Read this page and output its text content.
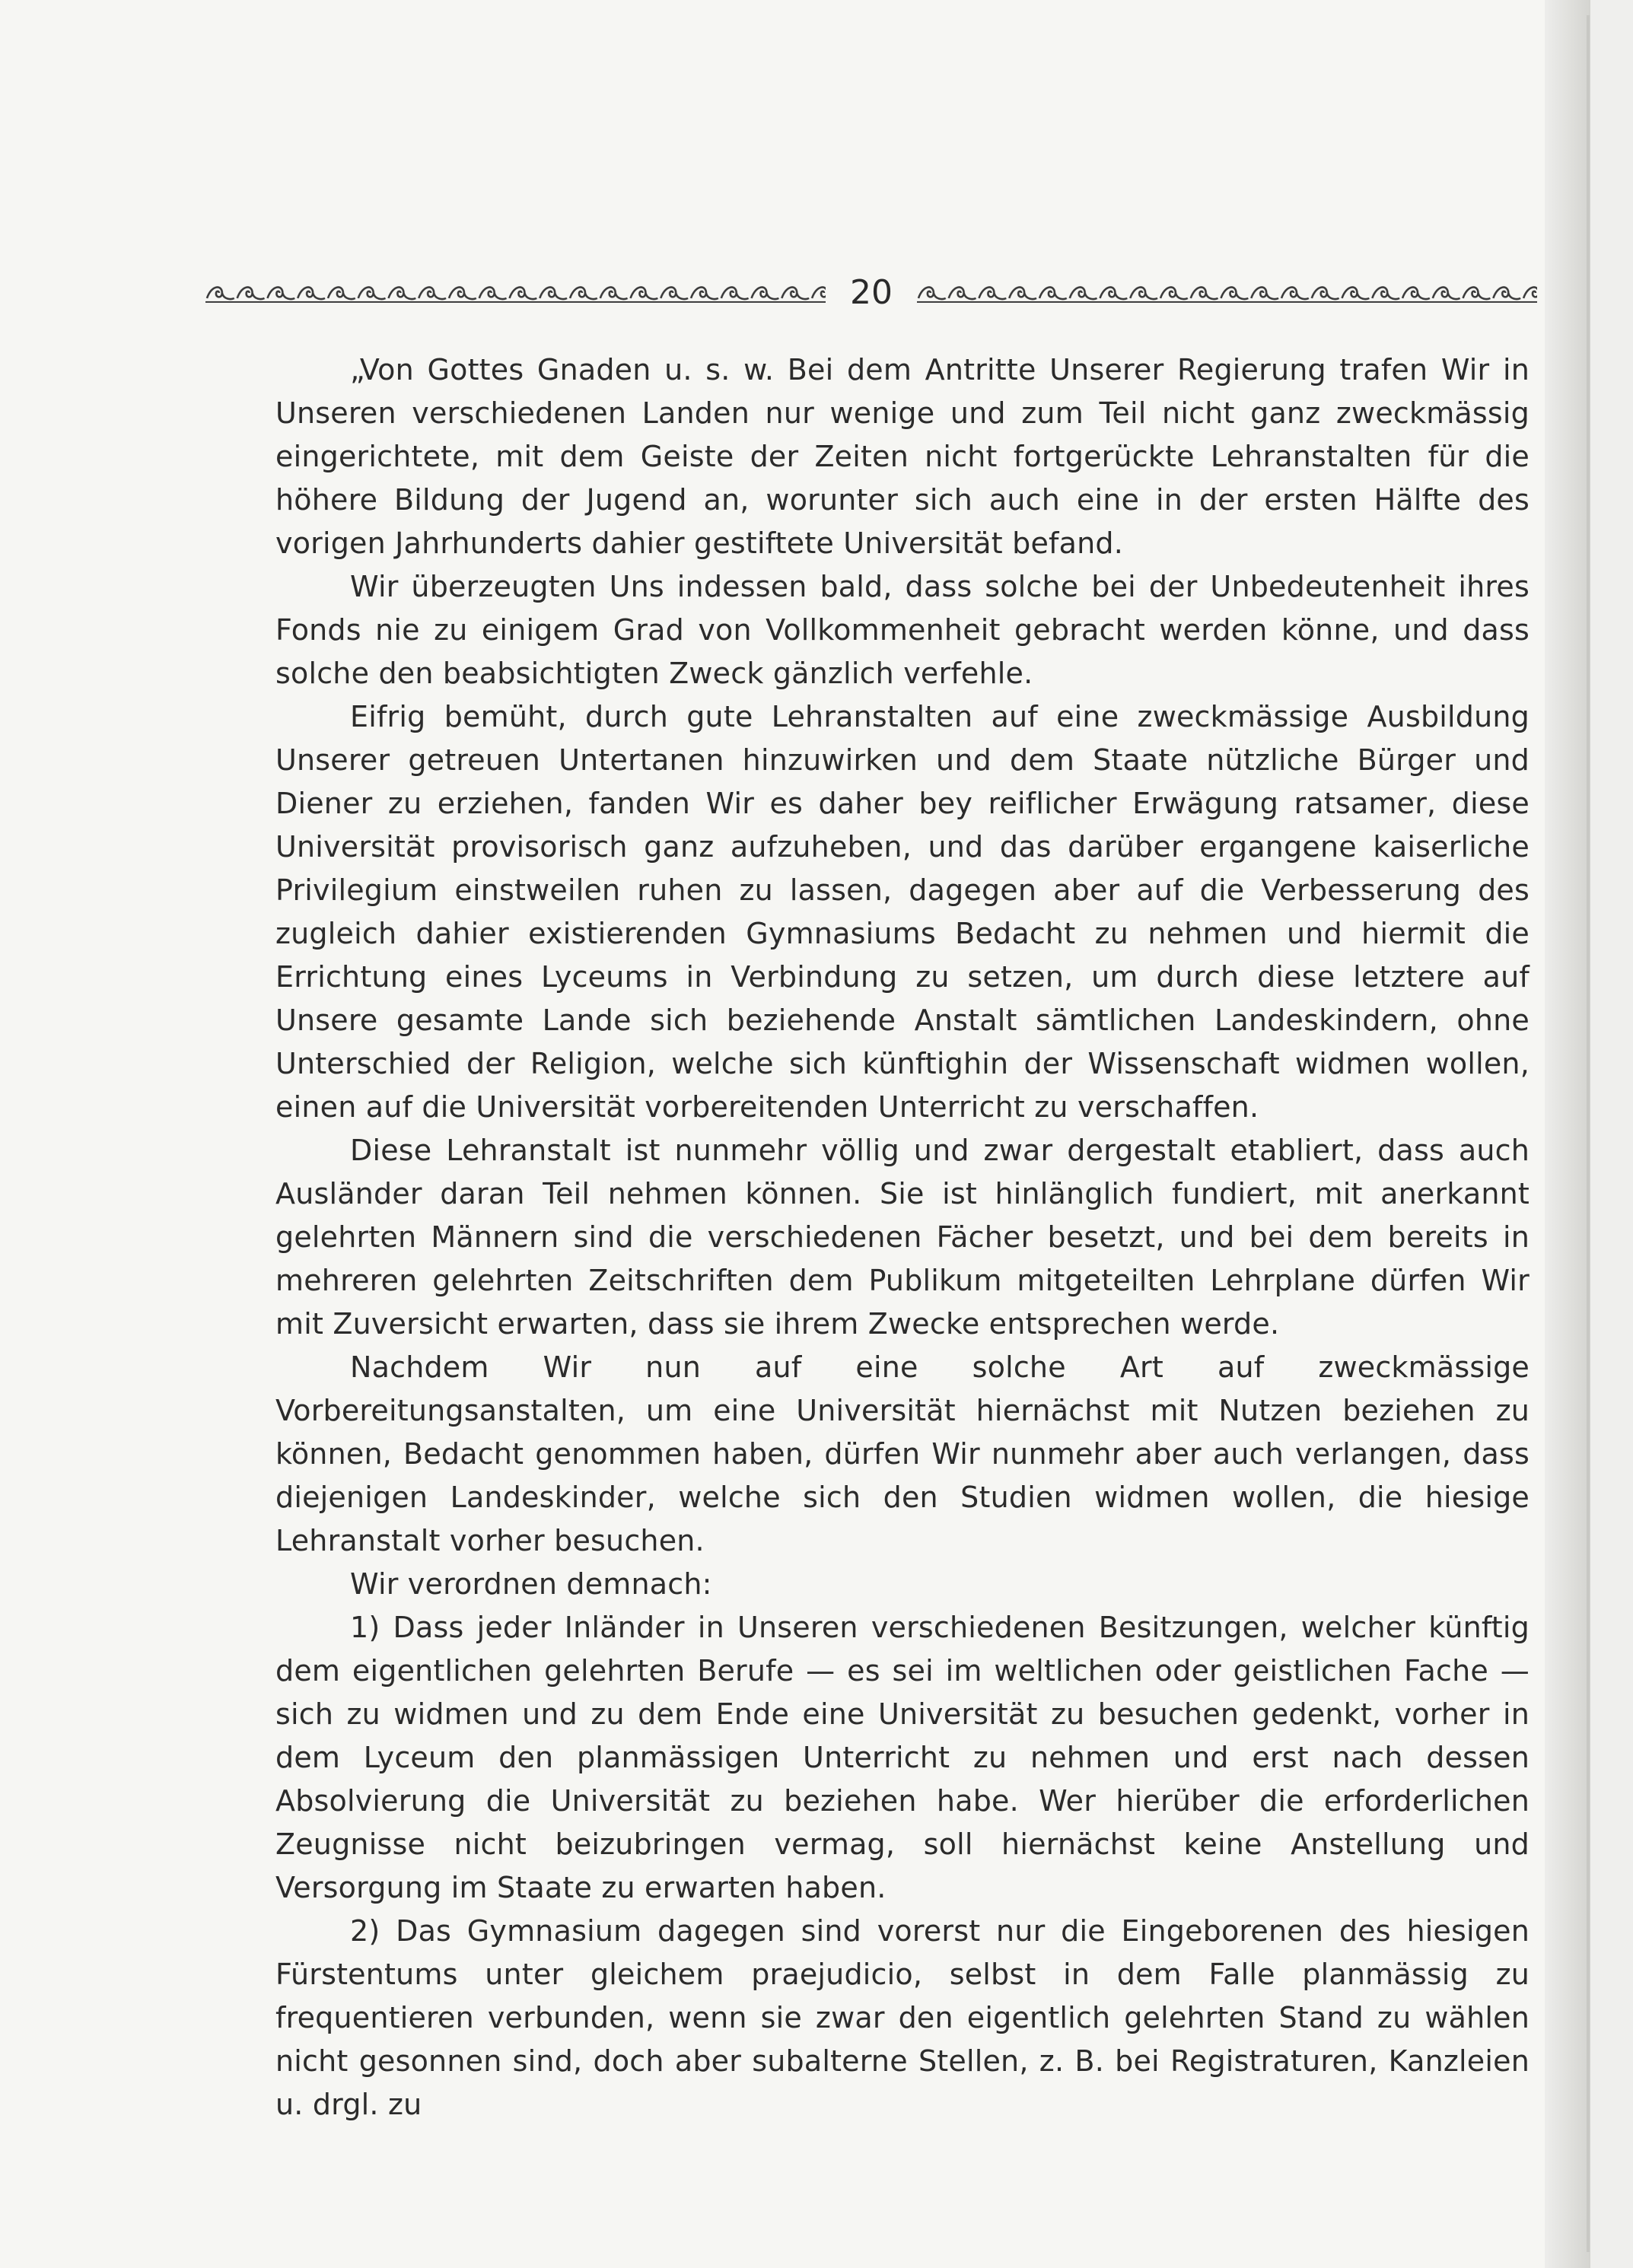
20

„Von Gottes Gnaden u. s. w. Bei dem Antritte Unserer Regierung trafen Wir in Unseren verschiedenen Landen nur wenige und zum Teil nicht ganz zweckmässig eingerichtete, mit dem Geiste der Zeiten nicht fortgerückte Lehranstalten für die höhere Bildung der Jugend an, worunter sich auch eine in der ersten Hälfte des vorigen Jahrhunderts dahier gestiftete Universität befand.

Wir überzeugten Uns indessen bald, dass solche bei der Unbedeutenheit ihres Fonds nie zu einigem Grad von Vollkommenheit gebracht werden könne, und dass solche den beabsichtigten Zweck gänzlich verfehle.

Eifrig bemüht, durch gute Lehranstalten auf eine zweckmässige Ausbildung Unserer getreuen Untertanen hinzuwirken und dem Staate nützliche Bürger und Diener zu erziehen, fanden Wir es daher bey reiflicher Erwägung ratsamer, diese Universität provisorisch ganz aufzuheben, und das darüber ergangene kaiserliche Privilegium einstweilen ruhen zu lassen, dagegen aber auf die Verbesserung des zugleich dahier existierenden Gymnasiums Bedacht zu nehmen und hiermit die Errichtung eines Lyceums in Verbindung zu setzen, um durch diese letztere auf Unsere gesamte Lande sich beziehende Anstalt sämtlichen Landeskindern, ohne Unterschied der Religion, welche sich künftighin der Wissenschaft widmen wollen, einen auf die Universität vorbereitenden Unterricht zu verschaffen.

Diese Lehranstalt ist nunmehr völlig und zwar dergestalt etabliert, dass auch Ausländer daran Teil nehmen können. Sie ist hinlänglich fundiert, mit anerkannt gelehrten Männern sind die verschiedenen Fächer besetzt, und bei dem bereits in mehreren gelehrten Zeitschriften dem Publikum mitgeteilten Lehrplane dürfen Wir mit Zuversicht erwarten, dass sie ihrem Zwecke entsprechen werde.

Nachdem Wir nun auf eine solche Art auf zweckmässige Vorbereitungsanstalten, um eine Universität hiernächst mit Nutzen beziehen zu können, Bedacht genommen haben, dürfen Wir nunmehr aber auch verlangen, dass diejenigen Landeskinder, welche sich den Studien widmen wollen, die hiesige Lehranstalt vorher besuchen.

Wir verordnen demnach:

1) Dass jeder Inländer in Unseren verschiedenen Besitzungen, welcher künftig dem eigentlichen gelehrten Berufe — es sei im weltlichen oder geistlichen Fache — sich zu widmen und zu dem Ende eine Universität zu besuchen gedenkt, vorher in dem Lyceum den planmässigen Unterricht zu nehmen und erst nach dessen Absolvierung die Universität zu beziehen habe. Wer hierüber die erforderlichen Zeugnisse nicht beizubringen vermag, soll hiernächst keine Anstellung und Versorgung im Staate zu erwarten haben.

2) Das Gymnasium dagegen sind vorerst nur die Eingeborenen des hiesigen Fürstentums unter gleichem praejudicio, selbst in dem Falle planmässig zu frequentieren verbunden, wenn sie zwar den eigentlich gelehrten Stand zu wählen nicht gesonnen sind, doch aber subalterne Stellen, z. B. bei Registraturen, Kanzleien u. drgl. zu
